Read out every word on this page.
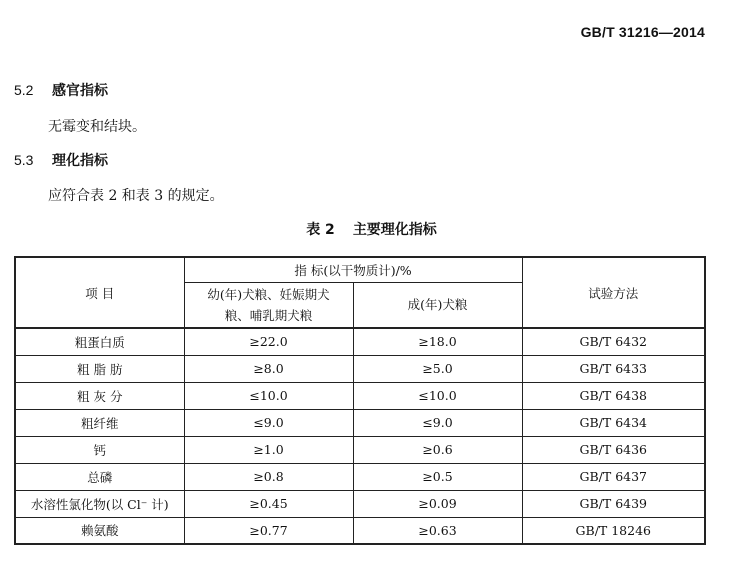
GB/T 31216—2014
5.2 感官指标
无霉变和结块。
5.3 理化指标
应符合表 2 和表 3 的规定。
表 2 主要理化指标
项 目	指 标(以干物质计)/%		试验方法

	幼(年)犬粮、妊娠期犬粮、哺乳期犬粮	成(年)犬粮	
粗蛋白质	≥22.0	≥18.0	GB/T 6432
粗 脂 肪	≥8.0	≥5.0	GB/T 6433
粗 灰 分	≤10.0	≤10.0	GB/T 6438
粗纤维	≤9.0	≤9.0	GB/T 6434
钙	≥1.0	≥0.6	GB/T 6436
总磷	≥0.8	≥0.5	GB/T 6437
水溶性氯化物(以 Cl⁻ 计)	≥0.45	≥0.09	GB/T 6439
赖氨酸	≥0.77	≥0.63	GB/T 18246
